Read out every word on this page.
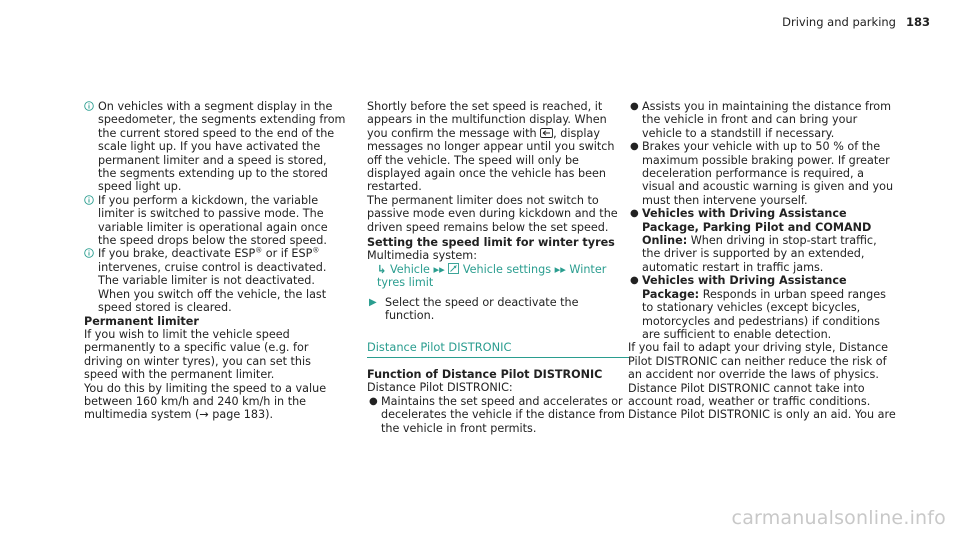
Driving and parking 183
On vehicles with a segment display in the speedometer, the segments extending from the current stored speed to the end of the scale light up. If you have activated the permanent limiter and a speed is stored, the segments extending up to the stored speed light up.
If you perform a kickdown, the variable limiter is switched to passive mode. The variable limiter is operational again once the speed drops below the stored speed.
If you brake, deactivate ESP® or if ESP® intervenes, cruise control is deactivated. The variable limiter is not deactivated.
When you switch off the vehicle, the last speed stored is cleared.
Permanent limiter
If you wish to limit the vehicle speed permanently to a specific value (e.g. for driving on winter tyres), you can set this speed with the permanent limiter.
You do this by limiting the speed to a value between 160 km/h and 240 km/h in the multimedia system (→ page 183).
Shortly before the set speed is reached, it appears in the multifunction display. When you confirm the message with , display messages no longer appear until you switch off the vehicle. The speed will only be displayed again once the vehicle has been restarted.
The permanent limiter does not switch to passive mode even during kickdown and the driven speed remains below the set speed.
Setting the speed limit for winter tyres
Multimedia system:
↳ Vehicle ▸▸ Vehicle settings ▸▸ Winter tyres limit
▶ Select the speed or deactivate the function.
Distance Pilot DISTRONIC
Function of Distance Pilot DISTRONIC
Distance Pilot DISTRONIC:
● Maintains the set speed and accelerates or decelerates the vehicle if the distance from the vehicle in front permits.
● Assists you in maintaining the distance from the vehicle in front and can bring your vehicle to a standstill if necessary.
● Brakes your vehicle with up to 50 % of the maximum possible braking power. If greater deceleration performance is required, a visual and acoustic warning is given and you must then intervene yourself.
● Vehicles with Driving Assistance Package, Parking Pilot and COMAND Online: When driving in stop-start traffic, the driver is supported by an extended, automatic restart in traffic jams.
● Vehicles with Driving Assistance Package: Responds in urban speed ranges to stationary vehicles (except bicycles, motorcycles and pedestrians) if conditions are sufficient to enable detection.
If you fail to adapt your driving style, Distance Pilot DISTRONIC can neither reduce the risk of an accident nor override the laws of physics. Distance Pilot DISTRONIC cannot take into account road, weather or traffic conditions. Distance Pilot DISTRONIC is only an aid. You are
carmanualsonline.info
